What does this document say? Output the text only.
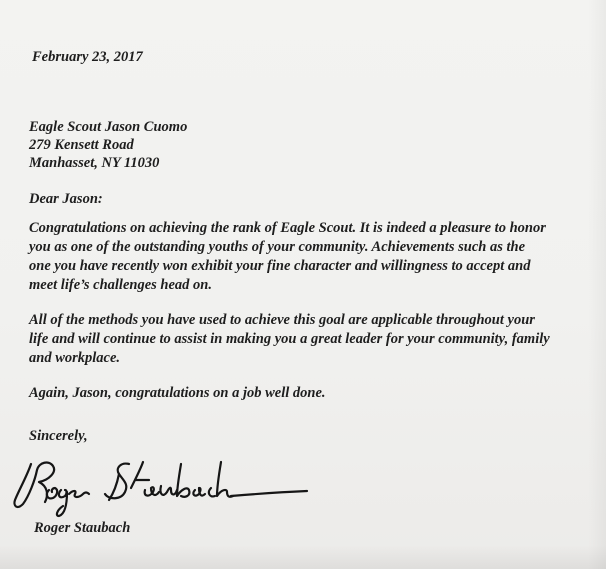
February 23, 2017

Eagle Scout Jason Cuomo

279 Kensett Road

Manhasset, NY 11030

Dear Jason:

Congratulations on achieving the rank of Eagle Scout. It is indeed a pleasure to honor
you as one of the outstanding youths of your community. Achievements such as the
one you have recently won exhibit your fine character and willingness to accept and
meet life’s challenges head on.
All of the methods you have used to achieve this goal are applicable throughout your
life and will continue to assist in making you a great leader for your community, family
and workplace.

Again, Jason, congratulations on a job well done.

Sincerely,

Roger Staubach
